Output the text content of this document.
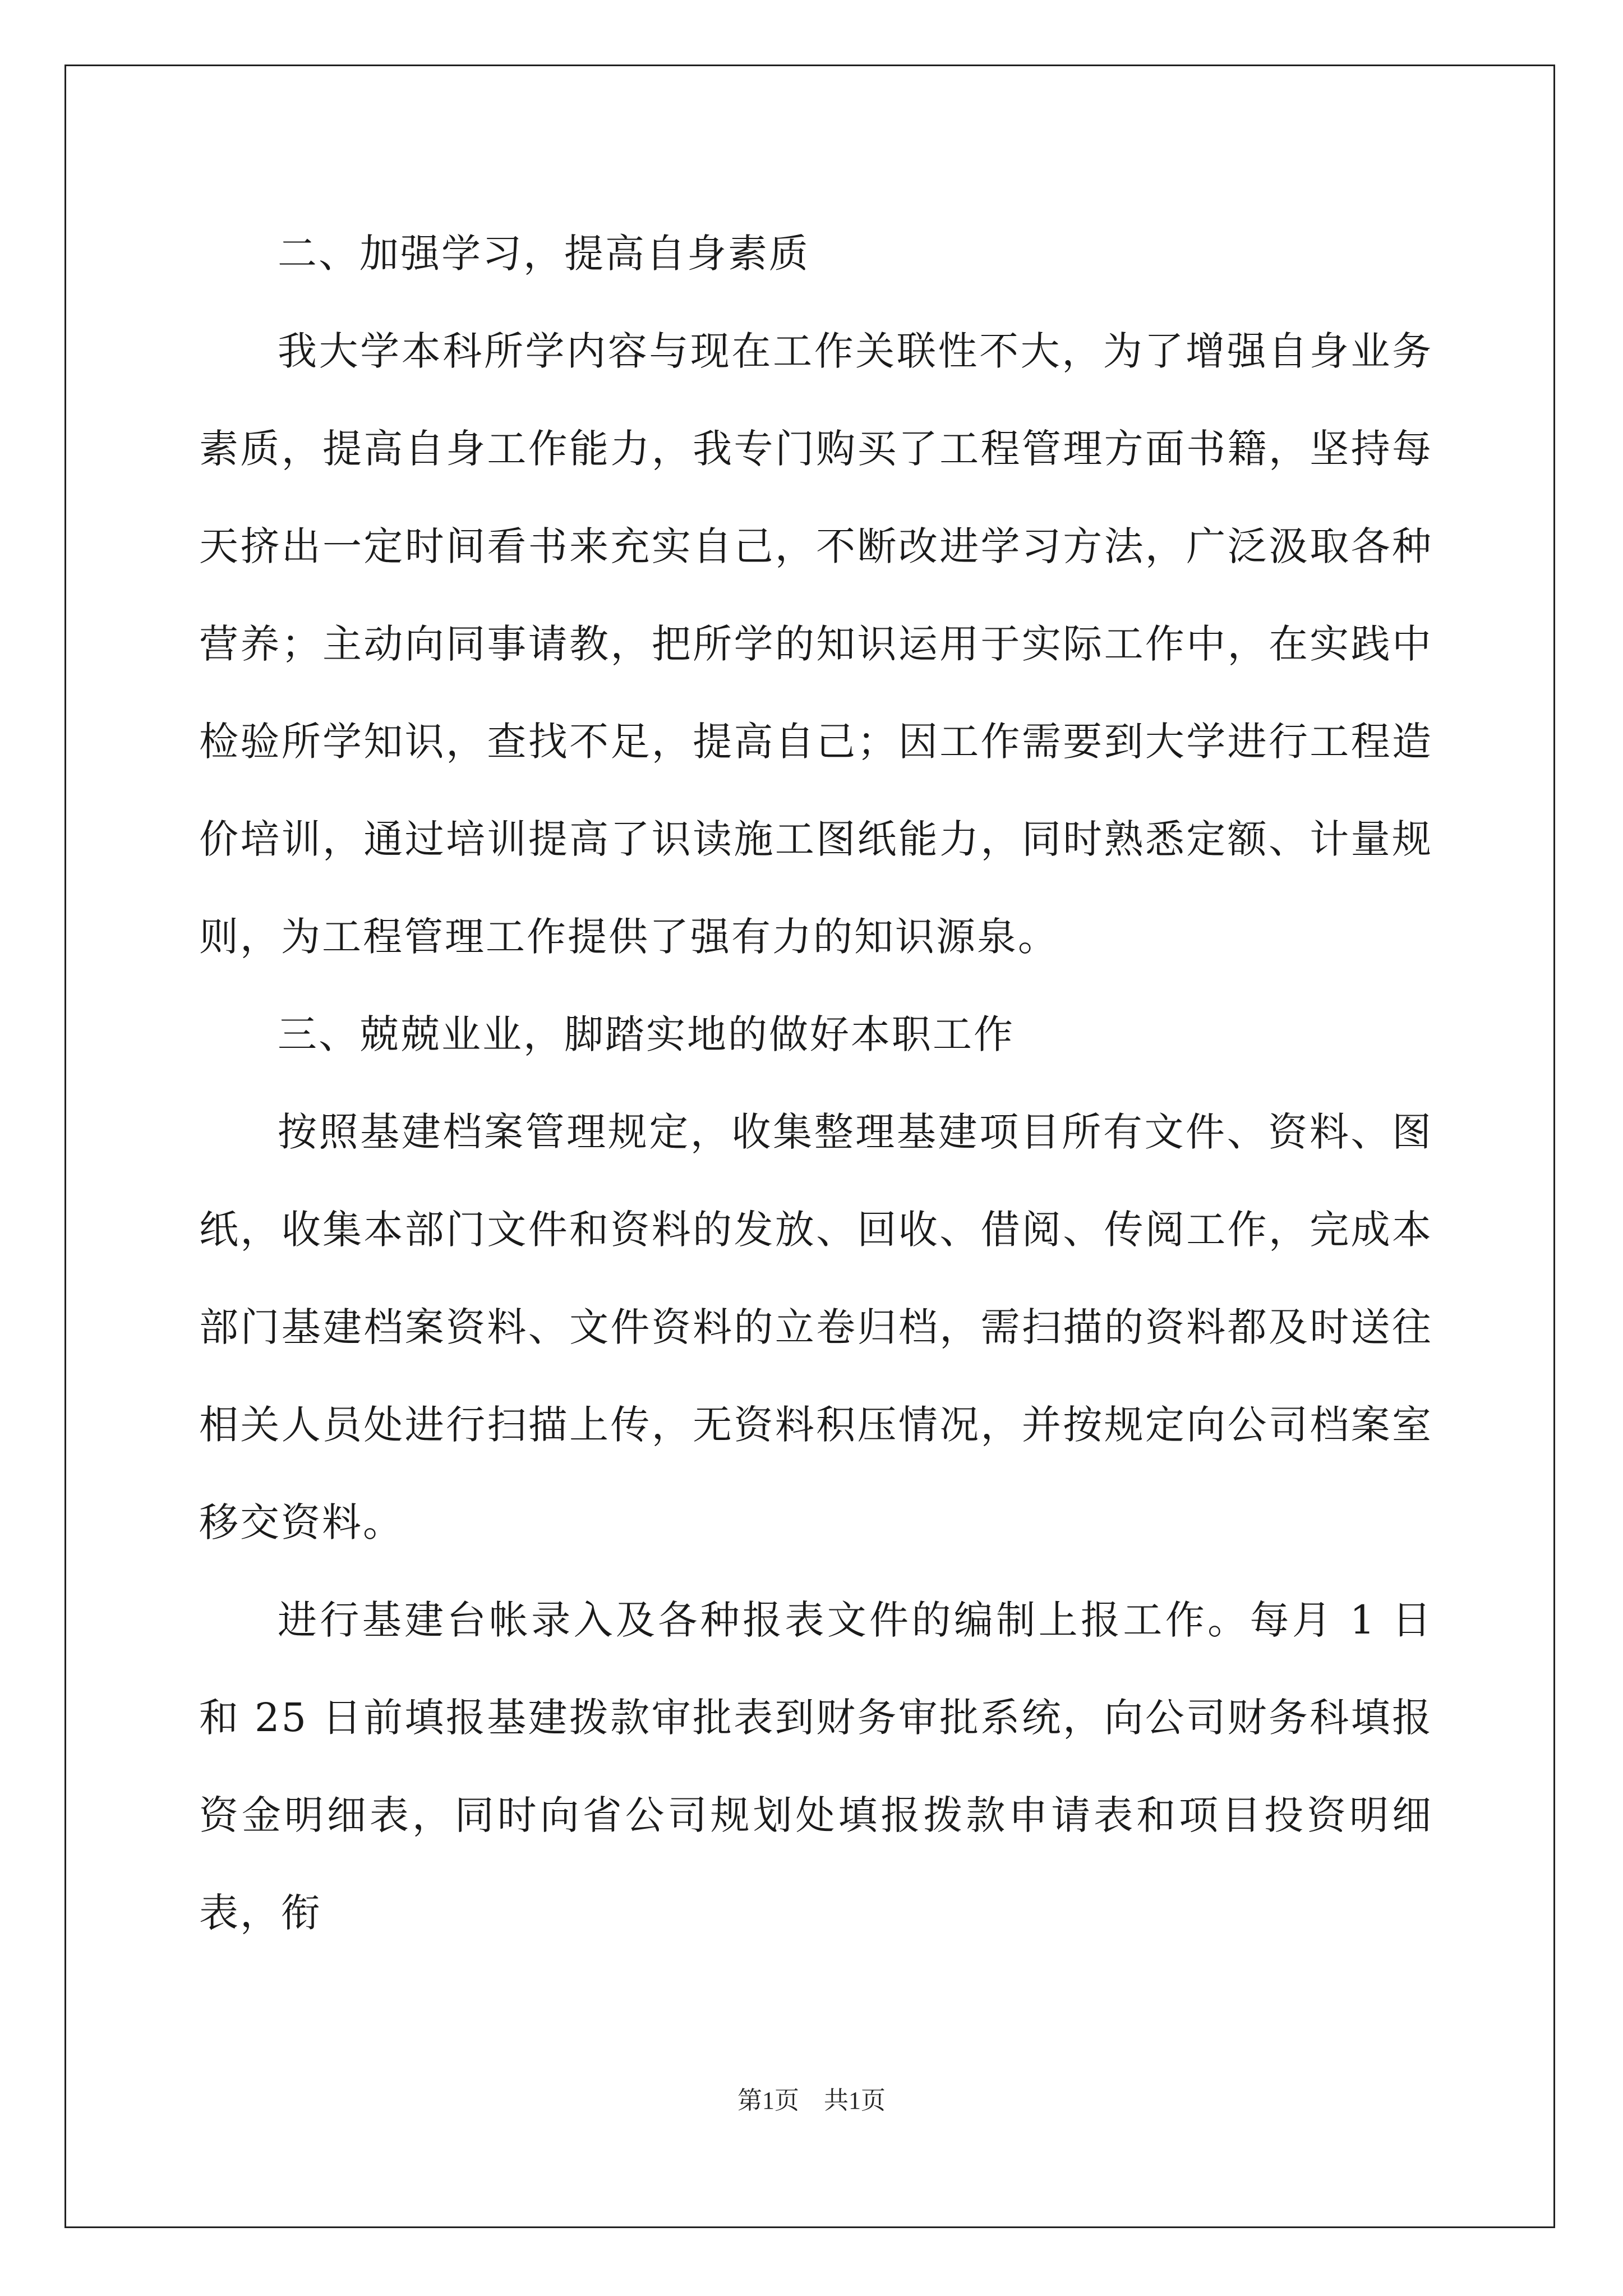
二、加强学习，提高自身素质

我大学本科所学内容与现在工作关联性不大，为了增强自身业务素质，提高自身工作能力，我专门购买了工程管理方面书籍，坚持每天挤出一定时间看书来充实自己，不断改进学习方法，广泛汲取各种营养；主动向同事请教，把所学的知识运用于实际工作中，在实践中检验所学知识，查找不足，提高自己；因工作需要到大学进行工程造价培训，通过培训提高了识读施工图纸能力，同时熟悉定额、计量规则，为工程管理工作提供了强有力的知识源泉。

三、兢兢业业，脚踏实地的做好本职工作

按照基建档案管理规定，收集整理基建项目所有文件、资料、图纸，收集本部门文件和资料的发放、回收、借阅、传阅工作，完成本部门基建档案资料、文件资料的立卷归档，需扫描的资料都及时送往相关人员处进行扫描上传，无资料积压情况，并按规定向公司档案室移交资料。

进行基建台帐录入及各种报表文件的编制上报工作。每月 1 日和 25 日前填报基建拨款审批表到财务审批系统，向公司财务科填报资金明细表，同时向省公司规划处填报拨款申请表和项目投资明细表，衔

第1页　共1页
